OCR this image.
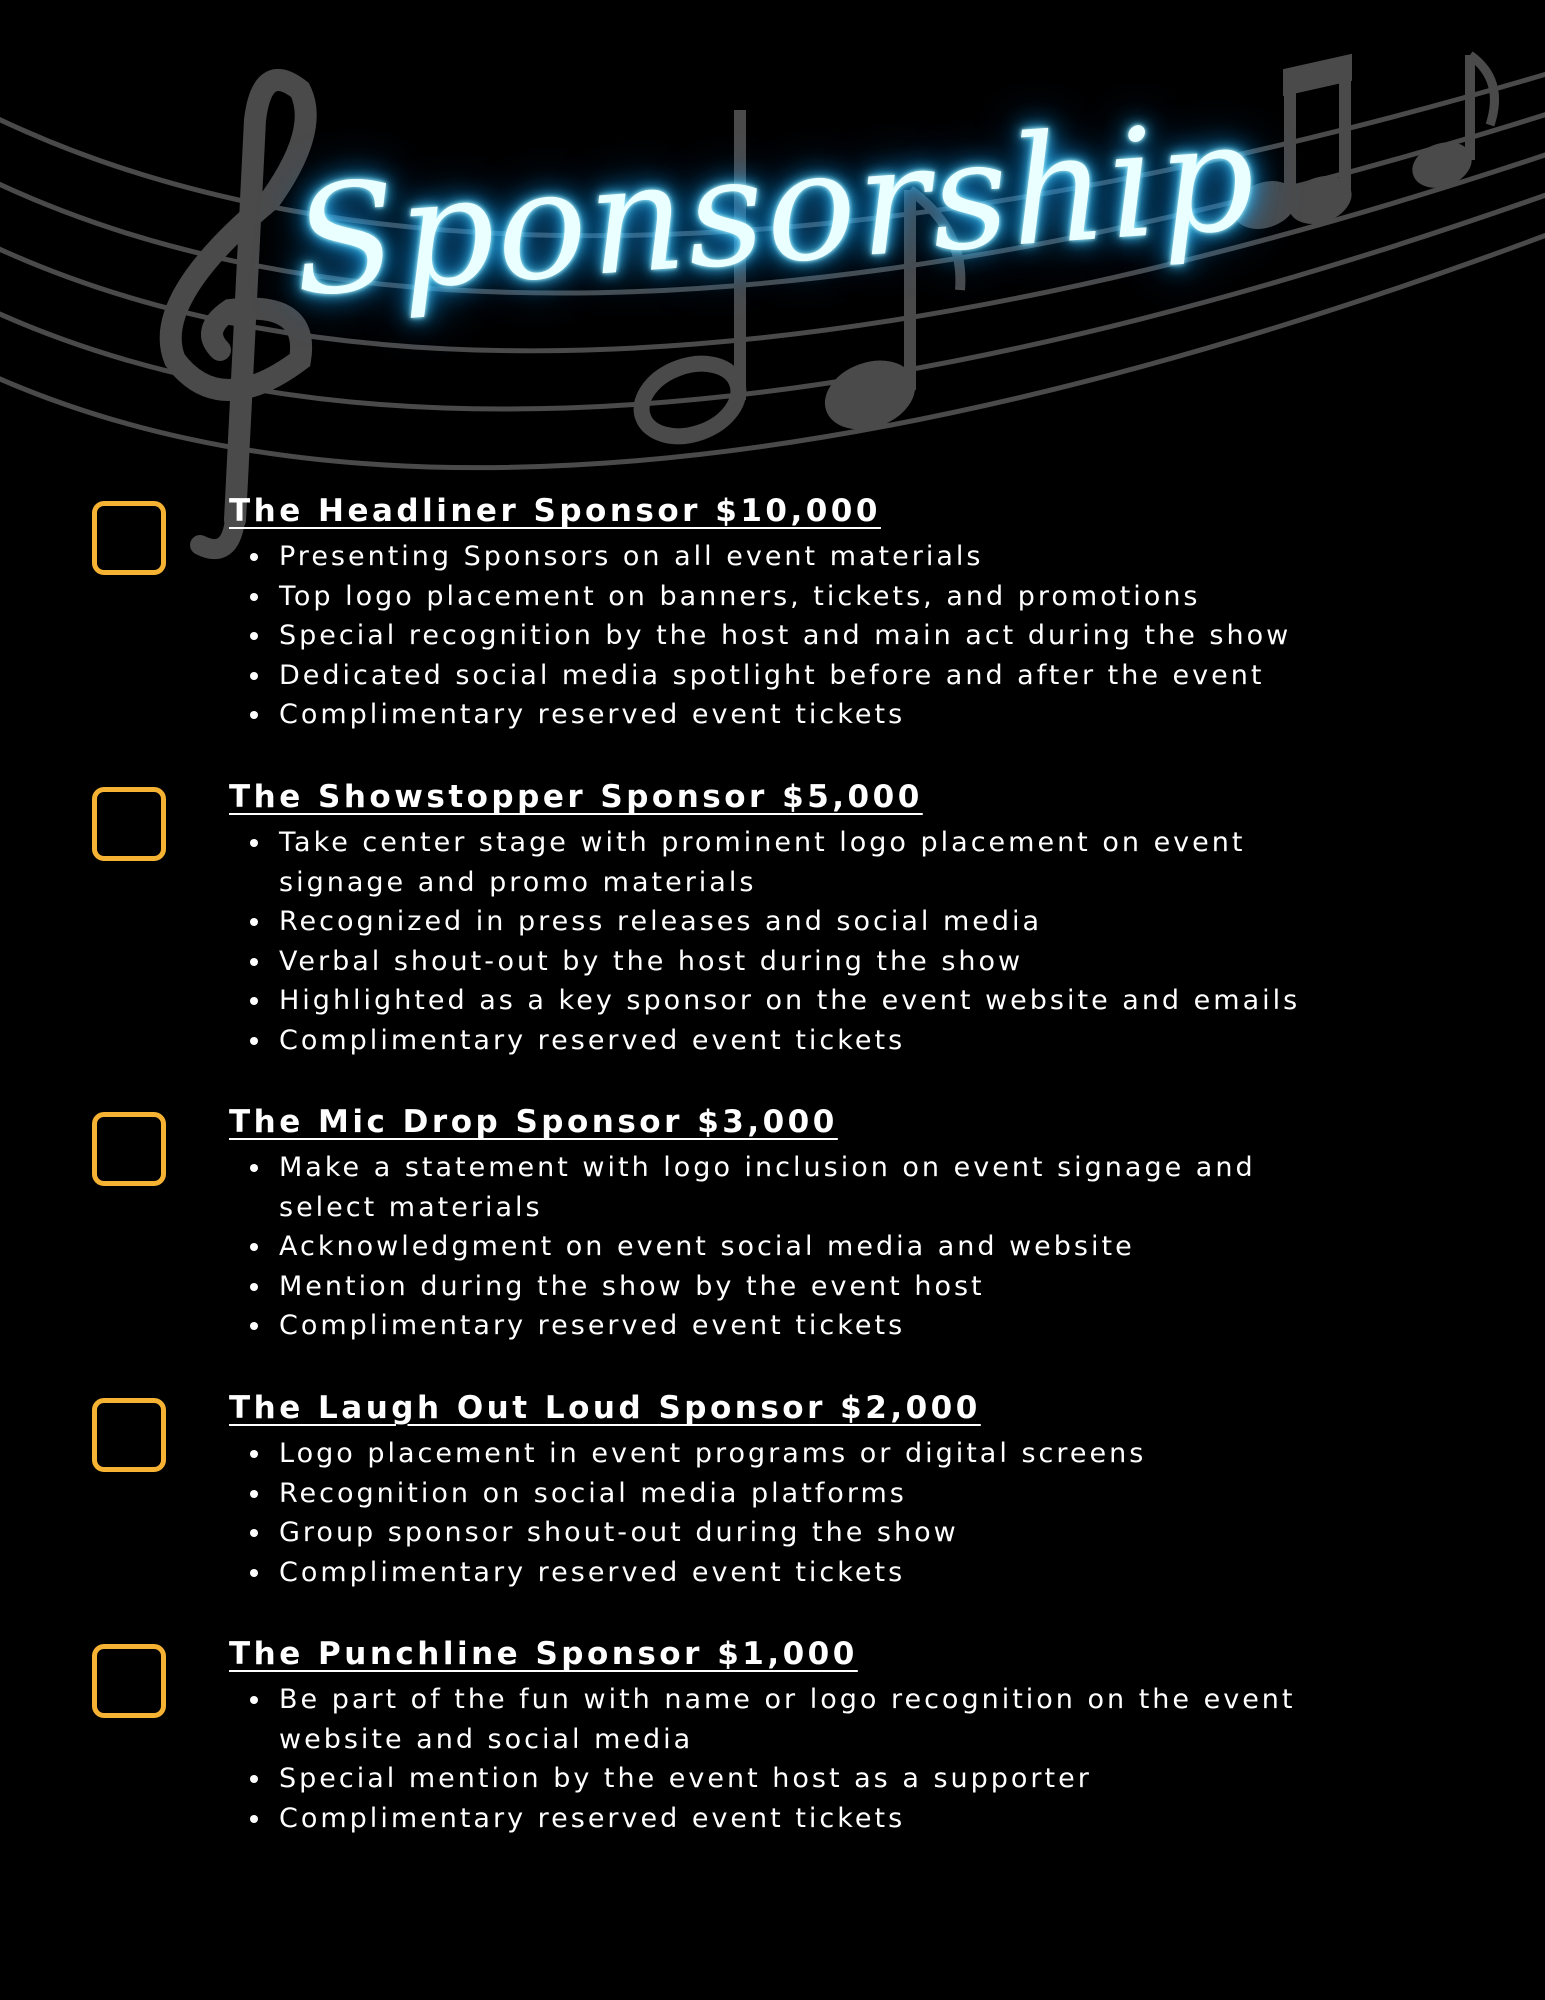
Sponsorship
The Headliner Sponsor $10,000
Presenting Sponsors on all event materials
Top logo placement on banners, tickets, and promotions
Special recognition by the host and main act during the show
Dedicated social media spotlight before and after the event
Complimentary reserved event tickets
The Showstopper Sponsor $5,000
Take center stage with prominent logo placement on event signage and promo materials
Recognized in press releases and social media
Verbal shout-out by the host during the show
Highlighted as a key sponsor on the event website and emails
Complimentary reserved event tickets
The Mic Drop Sponsor $3,000
Make a statement with logo inclusion on event signage and select materials
Acknowledgment on event social media and website
Mention during the show by the event host
Complimentary reserved event tickets
The Laugh Out Loud Sponsor $2,000
Logo placement in event programs or digital screens
Recognition on social media platforms
Group sponsor shout-out during the show
Complimentary reserved event tickets
The Punchline Sponsor $1,000
Be part of the fun with name or logo recognition on the event website and social media
Special mention by the event host as a supporter
Complimentary reserved event tickets
